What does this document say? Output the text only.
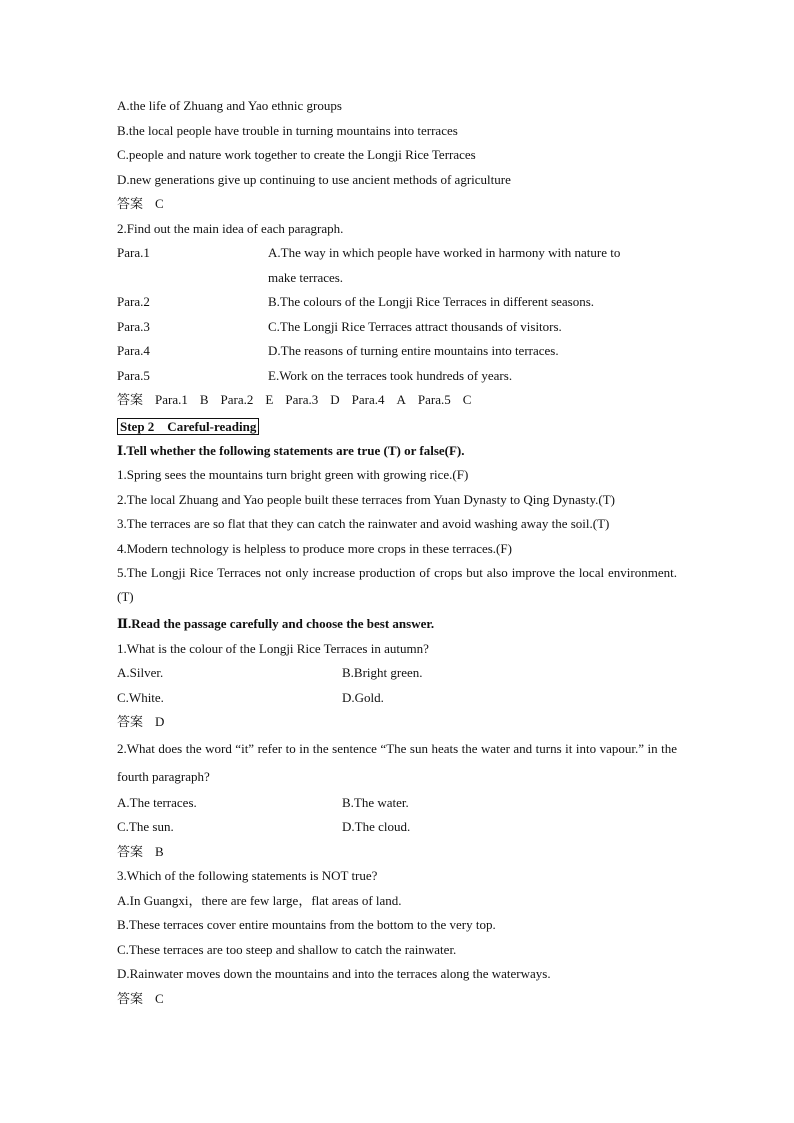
A.the life of Zhuang and Yao ethnic groups
B.the local people have trouble in turning mountains into terraces
C.people and nature work together to create the Longji Rice Terraces
D.new generations give up continuing to use ancient methods of agriculture
答案 C
2.Find out the main idea of each paragraph.
Para.1	A.The way in which people have worked in harmony with nature to
make terraces.
Para.2	B.The colours of the Longji Rice Terraces in different seasons.
Para.3	C.The Longji Rice Terraces attract thousands of visitors.
Para.4	D.The reasons of turning entire mountains into terraces.
Para.5	E.Work on the terraces took hundreds of years.
答案 Para.1 B Para.2 E Para.3 D Para.4 A Para.5 C
Step 2　Careful-reading
Ⅰ.Tell whether the following statements are true (T) or false(F).
1.Spring sees the mountains turn bright green with growing rice.(F)
2.The local Zhuang and Yao people built these terraces from Yuan Dynasty to Qing Dynasty.(T)
3.The terraces are so flat that they can catch the rainwater and avoid washing away the soil.(T)
4.Modern technology is helpless to produce more crops in these terraces.(F)
5.The Longji Rice Terraces not only increase production of crops but also improve the local environment.(T)
Ⅱ.Read the passage carefully and choose the best answer.
1.What is the colour of the Longji Rice Terraces in autumn?
A.Silver.	B.Bright green.
C.White.	D.Gold.
答案 D
2.What does the word “it” refer to in the sentence “The sun heats the water and turns it into vapour.” in the fourth paragraph?
A.The terraces.	B.The water.
C.The sun.	D.The cloud.
答案 B
3.Which of the following statements is NOT true?
A.In Guangxi，there are few large，flat areas of land.
B.These terraces cover entire mountains from the bottom to the very top.
C.These terraces are too steep and shallow to catch the rainwater.
D.Rainwater moves down the mountains and into the terraces along the waterways.
答案 C
